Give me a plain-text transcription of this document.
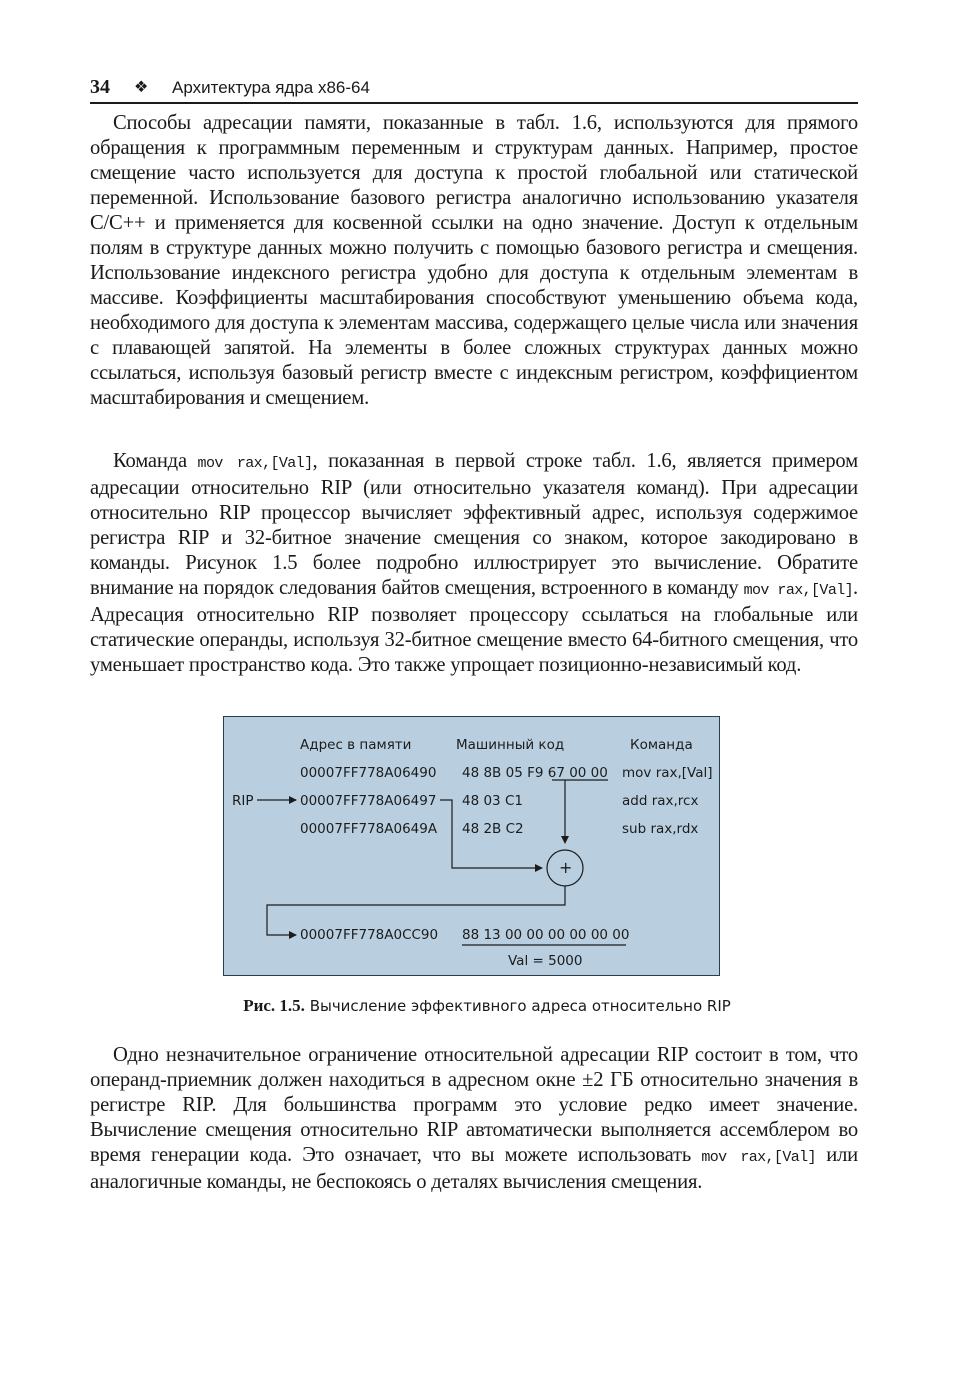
34 ❖ Архитектура ядра x86-64

Способы адресации памяти, показанные в табл. 1.6, используются для прямого обращения к программным переменным и структурам данных. Например, простое смещение часто используется для доступа к простой глобальной или статической переменной. Использование базового регистра аналогично использованию указателя C/C++ и применяется для косвенной ссылки на одно значение. Доступ к отдельным полям в структуре данных можно получить с помощью базового регистра и смещения. Использование индексного регистра удобно для доступа к отдельным элементам в массиве. Коэффициенты масштабирования способствуют уменьшению объема кода, необходимого для доступа к элементам массива, содержащего целые числа или значения с плавающей запятой. На элементы в более сложных структурах данных можно ссылаться, используя базовый регистр вместе с индексным регистром, коэффициентом масштабирования и смещением.

Команда mov rax,[Val], показанная в первой строке табл. 1.6, является примером адресации относительно RIP (или относительно указателя команд). При адресации относительно RIP процессор вычисляет эффективный адрес, используя содержимое регистра RIP и 32-битное значение смещения со знаком, которое закодировано в команды. Рисунок 1.5 более подробно иллюстрирует это вычисление. Обратите внимание на порядок следования байтов смещения, встроенного в команду mov rax,[Val]. Адресация относительно RIP позволяет процессору ссылаться на глобальные или статические операнды, используя 32-битное смещение вместо 64-битного смещения, что уменьшает пространство кода. Это также упрощает позиционно-независимый код.

Адрес в памяти	Машинный код	Команда
RIP
00007FF778A06490 48 8B 05 F9 67 00 00 mov rax,[Val]
00007FF778A06497 48 03 C1	add rax,rcx
00007FF778A0649A 48 2B C2	sub rax,rdx
+
00007FF778A0CC90 88 13 00 00 00 00 00 00
Val = 5000
Рис. 1.5. Вычисление эффективного адреса относительно RIP

Одно незначительное ограничение относительной адресации RIP состоит в том, что операнд-приемник должен находиться в адресном окне ±2 ГБ относительно значения в регистре RIP. Для большинства программ это условие редко имеет значение. Вычисление смещения относительно RIP автоматически выполняется ассемблером во время генерации кода. Это означает, что вы можете использовать mov rax,[Val] или аналогичные команды, не беспокоясь о деталях вычисления смещения.
